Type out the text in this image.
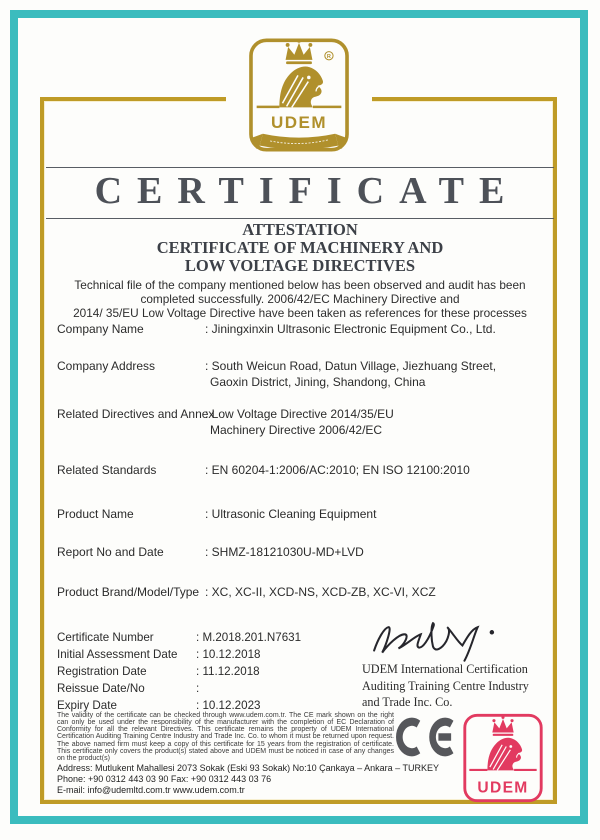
R
UDEM
CERTIFICATE
ATTESTATION
CERTIFICATE OF MACHINERY AND
LOW VOLTAGE DIRECTIVES
Technical file of the company mentioned below has been observed and audit has been
completed successfully. 2006/42/EC Machinery Directive and
2014/ 35/EU Low Voltage Directive have been taken as references for these processes
Company Name	: Jiningxinxin Ultrasonic Electronic Equipment Co., Ltd.
Company Address	: South Weicun Road, Datun Village, Jiezhuang Street,
Gaoxin District, Jining, Shandong, China
Related Directives and Annex
: Low Voltage Directive 2014/35/EU
Machinery Directive 2006/42/EC
Related Standards	: EN 60204-1:2006/AC:2010; EN ISO 12100:2010
Product Name	: Ultrasonic Cleaning Equipment
Report No and Date	: SHMZ-18121030U-MD+LVD
Product Brand/Model/Type : XC, XC-II, XCD-NS, XCD-ZB, XC-VI, XCZ
Certificate Number	: M.2018.201.N7631
Initial Assessment Date : 10.12.2018
Registration Date	: 11.12.2018
Reissue Date/No	:
Expiry Date	: 10.12.2023
UDEM International Certification
Auditing Training Centre Industry
and Trade Inc. Co.
The validity of the certificate can be checked through www.udem.com.tr. The CE mark shown on the right can only be used under the responsibility of the manufacturer with the completion of EC Declaration of Conformity for all the relevant Directives. This certificate remains the property of UDEM International Certification Auditing Training Centre Industry and Trade Inc. Co. to whom it must be returned upon request. The above named firm must keep a copy of this certificate for 15 years from the registration of certificate. This certificate only covers the product(s) stated above and UDEM must be noticed in case of any changes on the product(s)
Address: Mutlukent Mahallesi 2073 Sokak (Eski 93 Sokak) No:10 Çankaya – Ankara – TURKEY
Phone: +90 0312 443 03 90 Fax: +90 0312 443 03 76
E-mail: info@udemltd.com.tr www.udem.com.tr	UDEM
